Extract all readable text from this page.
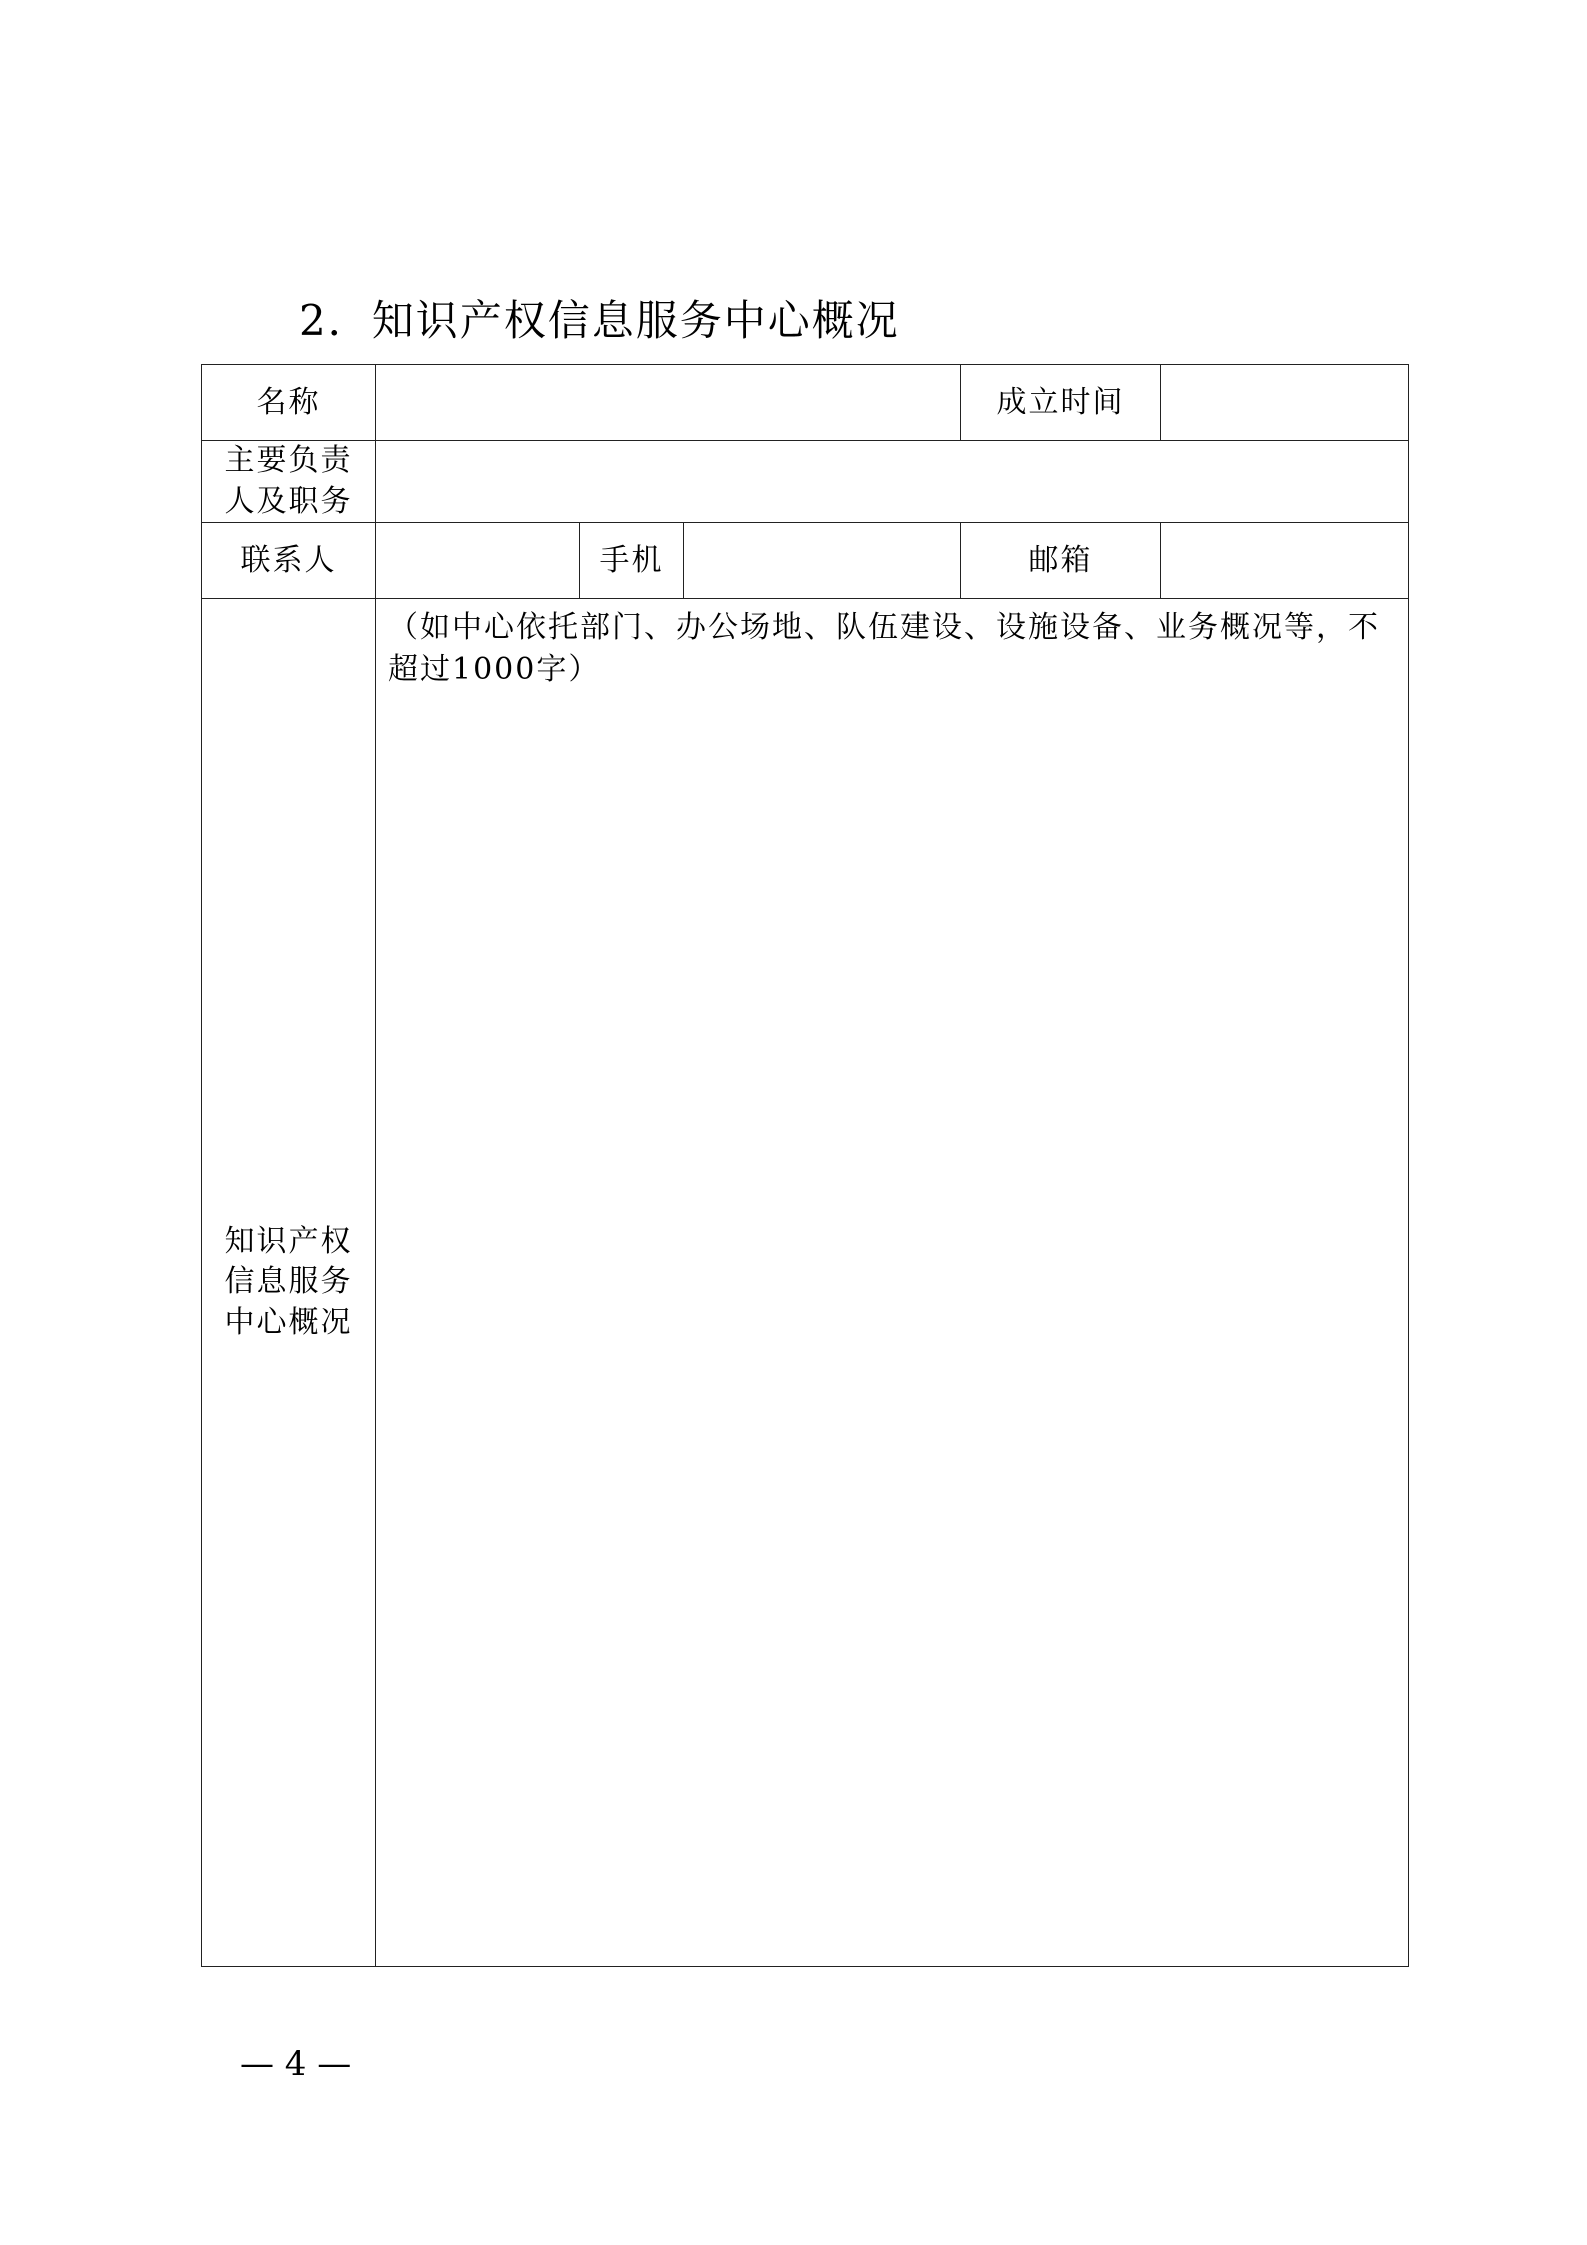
2．知识产权信息服务中心概况
名称				成立时间	

主要负责
人及职务					

联系人		手机		邮箱	

知识产权
信息服务
中心概况	（如中心依托部门、办公场地、队伍建设、设施设备、业务概况等，不超过1000字）				
— 4 —
